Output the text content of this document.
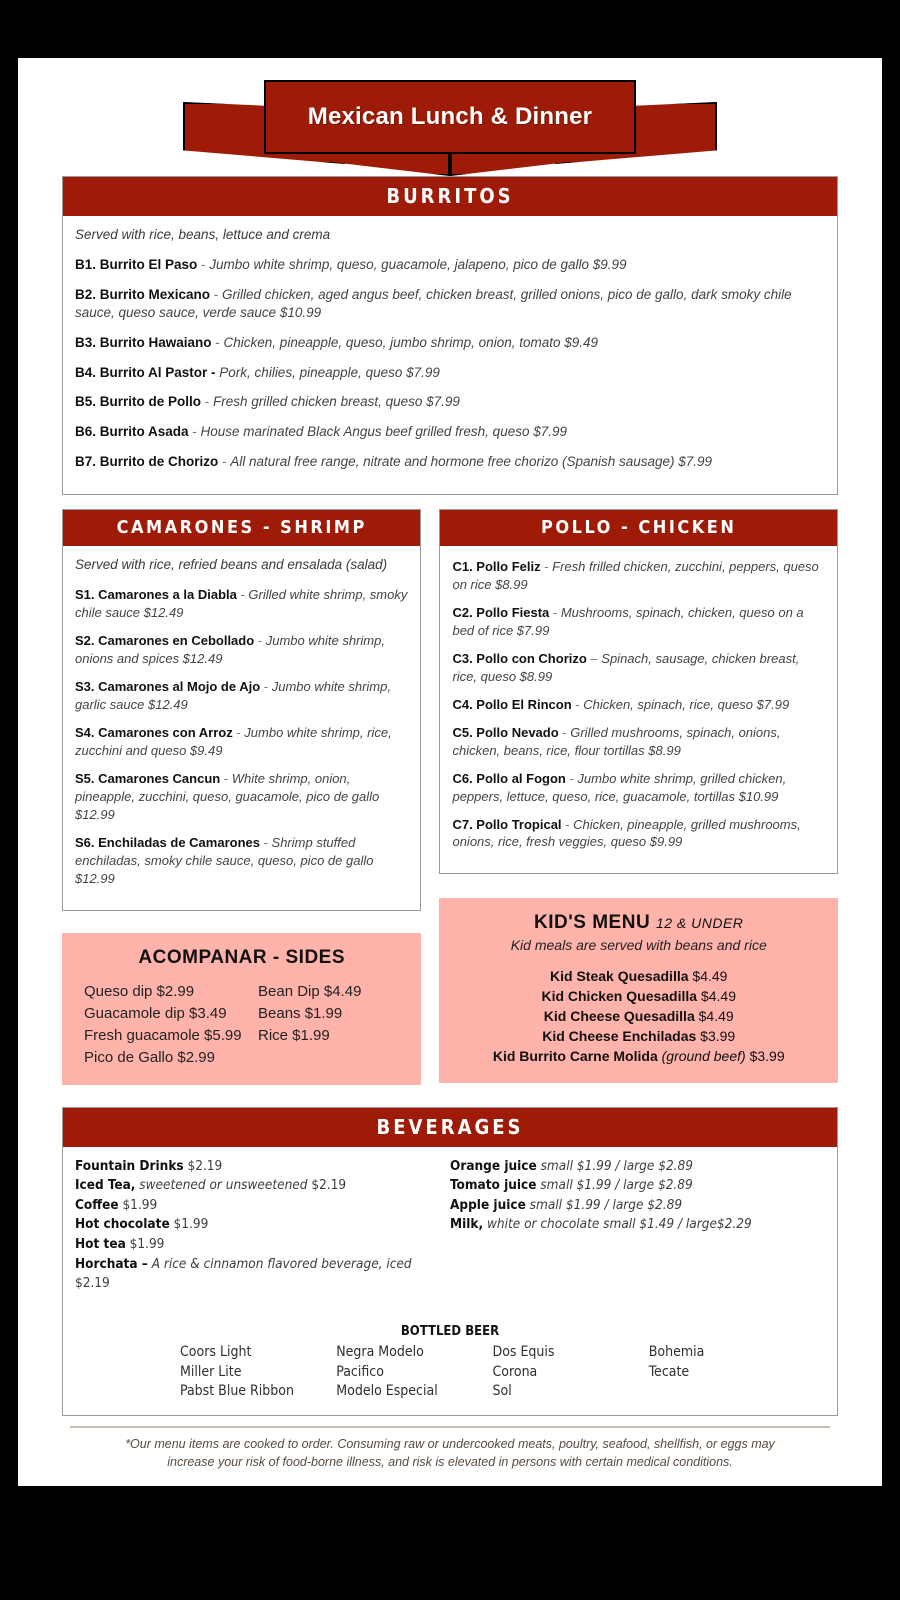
Mexican Lunch & Dinner
BURRITOS
Served with rice, beans, lettuce and crema
B1. Burrito El Paso - Jumbo white shrimp, queso, guacamole, jalapeno, pico de gallo $9.99
B2. Burrito Mexicano - Grilled chicken, aged angus beef, chicken breast, grilled onions, pico de gallo, dark smoky chile sauce, queso sauce, verde sauce $10.99
B3. Burrito Hawaiano - Chicken, pineapple, queso, jumbo shrimp, onion, tomato $9.49
B4. Burrito Al Pastor - Pork, chilies, pineapple, queso $7.99
B5. Burrito de Pollo - Fresh grilled chicken breast, queso $7.99
B6. Burrito Asada - House marinated Black Angus beef grilled fresh, queso $7.99
B7. Burrito de Chorizo - All natural free range, nitrate and hormone free chorizo (Spanish sausage) $7.99
CAMARONES - SHRIMP
Served with rice, refried beans and ensalada (salad)
S1. Camarones a la Diabla - Grilled white shrimp, smoky chile sauce $12.49
S2. Camarones en Cebollado - Jumbo white shrimp, onions and spices $12.49
S3. Camarones al Mojo de Ajo - Jumbo white shrimp, garlic sauce $12.49
S4. Camarones con Arroz - Jumbo white shrimp, rice, zucchini and queso $9.49
S5. Camarones Cancun - White shrimp, onion, pineapple, zucchini, queso, guacamole, pico de gallo $12.99
S6. Enchiladas de Camarones - Shrimp stuffed enchiladas, smoky chile sauce, queso, pico de gallo $12.99
ACOMPANAR - SIDES
Queso dip $2.99	Bean Dip $4.49
Guacamole dip $3.49	Beans $1.99
Fresh guacamole $5.99	Rice $1.99
Pico de Gallo $2.99
POLLO - CHICKEN
C1. Pollo Feliz - Fresh frilled chicken, zucchini, peppers, queso on rice $8.99
C2. Pollo Fiesta - Mushrooms, spinach, chicken, queso on a bed of rice $7.99
C3. Pollo con Chorizo – Spinach, sausage, chicken breast, rice, queso $8.99
C4. Pollo El Rincon - Chicken, spinach, rice, queso $7.99
C5. Pollo Nevado - Grilled mushrooms, spinach, onions, chicken, beans, rice, flour tortillas $8.99
C6. Pollo al Fogon - Jumbo white shrimp, grilled chicken, peppers, lettuce, queso, rice, guacamole, tortillas $10.99
C7. Pollo Tropical - Chicken, pineapple, grilled mushrooms, onions, rice, fresh veggies, queso $9.99
KID'S MENU 12 & UNDER
Kid meals are served with beans and rice
Kid Steak Quesadilla $4.49
Kid Chicken Quesadilla $4.49
Kid Cheese Quesadilla $4.49
Kid Cheese Enchiladas $3.99
Kid Burrito Carne Molida (ground beef) $3.99
BEVERAGES
Fountain Drinks $2.19
Iced Tea, sweetened or unsweetened $2.19
Coffee $1.99
Hot chocolate $1.99
Hot tea $1.99
Horchata – A rice & cinnamon flavored beverage, iced $2.19
Orange juice small $1.99 / large $2.89
Tomato juice small $1.99 / large $2.89
Apple juice small $1.99 / large $2.89
Milk, white or chocolate small $1.49 / large$2.29
BOTTLED BEER
Coors Light	Negra Modelo	Dos Equis	Bohemia
Miller Lite	Pacifico	Corona	Tecate
Pabst Blue Ribbon	Modelo Especial	Sol
*Our menu items are cooked to order. Consuming raw or undercooked meats, poultry, seafood, shellfish, or eggs may
increase your risk of food-borne illness, and risk is elevated in persons with certain medical conditions.
